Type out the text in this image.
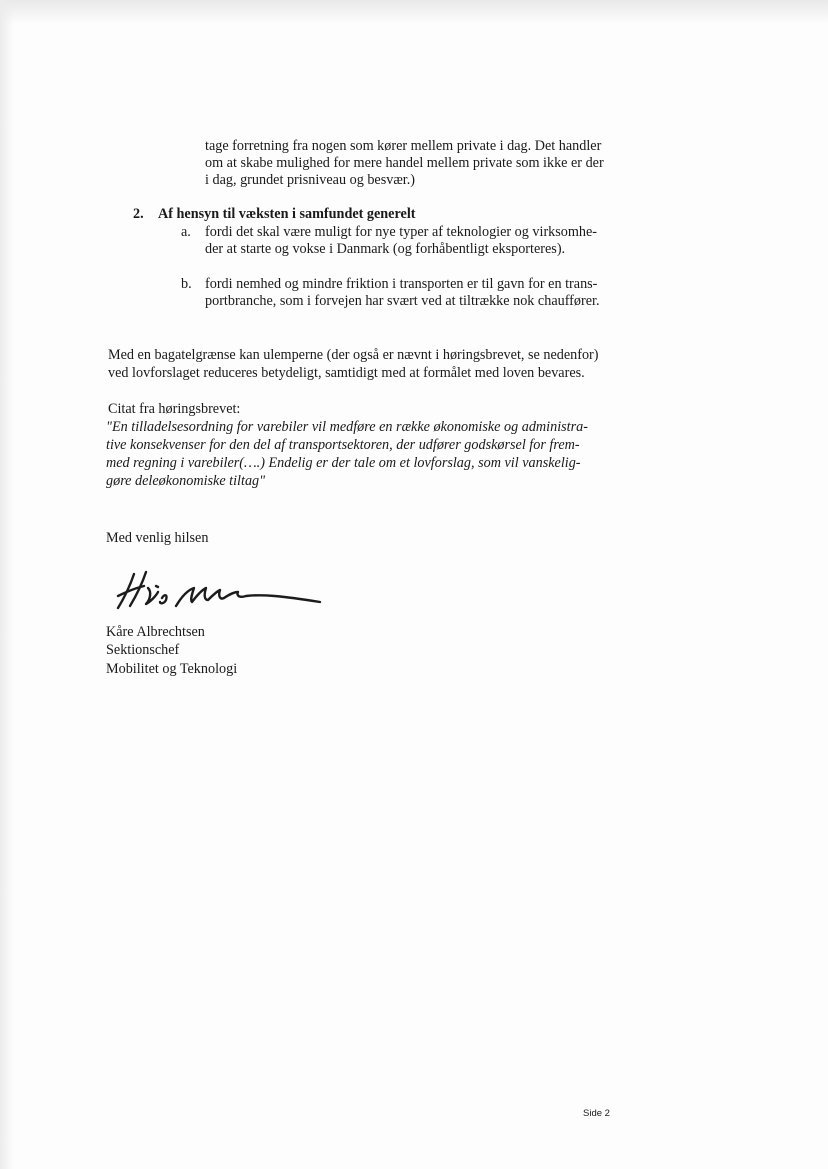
tage forretning fra nogen som kører mellem private i dag. Det handler
om at skabe mulighed for mere handel mellem private som ikke er der
i dag, grundet prisniveau og besvær.)
2. Af hensyn til væksten i samfundet generelt
a. fordi det skal være muligt for nye typer af teknologier og virksomhe-
der at starte og vokse i Danmark (og forhåbentligt eksporteres).
b. fordi nemhed og mindre friktion i transporten er til gavn for en trans-
portbranche, som i forvejen har svært ved at tiltrække nok chauffører.
Med en bagatelgrænse kan ulemperne (der også er nævnt i høringsbrevet, se nedenfor)
ved lovforslaget reduceres betydeligt, samtidigt med at formålet med loven bevares.
Citat fra høringsbrevet:
"En tilladelsesordning for varebiler vil medføre en række økonomiske og administra-
tive konsekvenser for den del af transportsektoren, der udfører godskørsel for frem-
med regning i varebiler(….) Endelig er der tale om et lovforslag, som vil vanskelig-
gøre deleøkonomiske tiltag"
Med venlig hilsen
Kåre Albrechtsen
Sektionschef
Mobilitet og Teknologi
Side 2
